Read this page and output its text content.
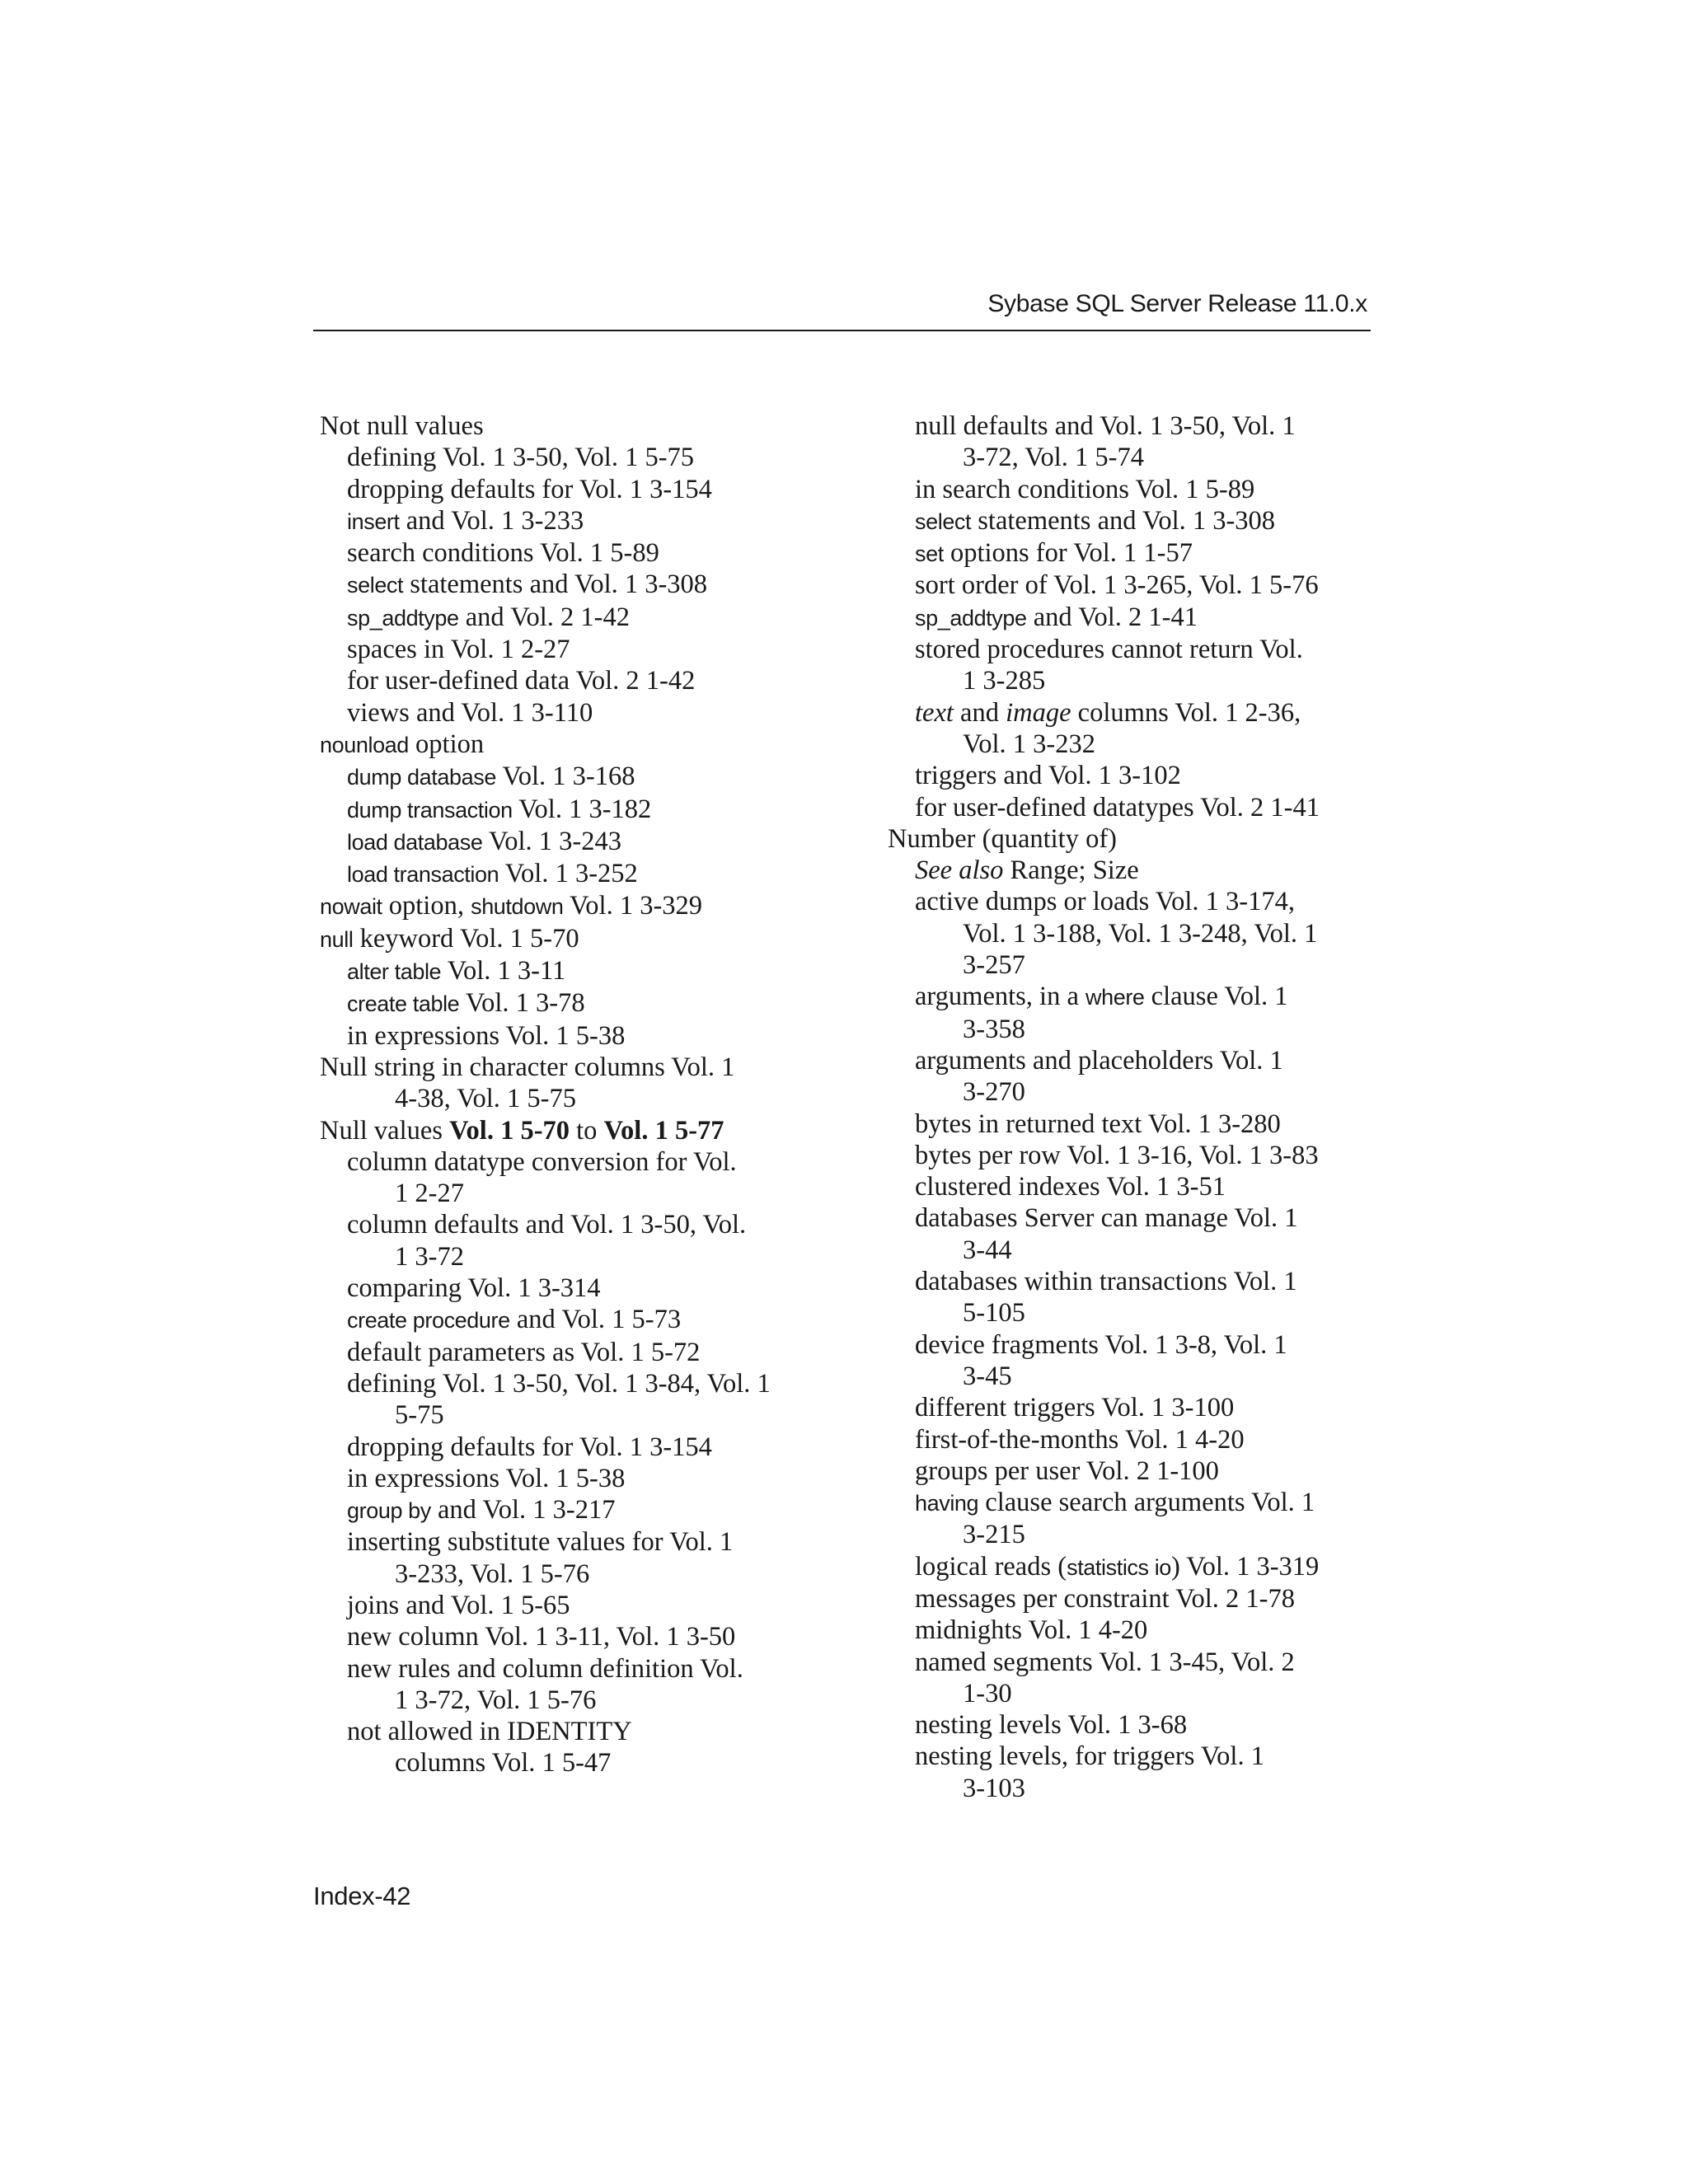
Sybase SQL Server Release 11.0.x
Not null values
defining Vol. 1 3-50, Vol. 1 5-75
dropping defaults for Vol. 1 3-154
insert and Vol. 1 3-233
search conditions Vol. 1 5-89
select statements and Vol. 1 3-308
sp_addtype and Vol. 2 1-42
spaces in Vol. 1 2-27
for user-defined data Vol. 2 1-42
views and Vol. 1 3-110
nounload option
dump database Vol. 1 3-168
dump transaction Vol. 1 3-182
load database Vol. 1 3-243
load transaction Vol. 1 3-252
nowait option, shutdown Vol. 1 3-329
null keyword Vol. 1 5-70
alter table Vol. 1 3-11
create table Vol. 1 3-78
in expressions Vol. 1 5-38
Null string in character columns Vol. 1
4-38, Vol. 1 5-75
Null values Vol. 1 5-70 to Vol. 1 5-77
column datatype conversion for Vol.
1 2-27
column defaults and Vol. 1 3-50, Vol.
1 3-72
comparing Vol. 1 3-314
create procedure and Vol. 1 5-73
default parameters as Vol. 1 5-72
defining Vol. 1 3-50, Vol. 1 3-84, Vol. 1
5-75
dropping defaults for Vol. 1 3-154
in expressions Vol. 1 5-38
group by and Vol. 1 3-217
inserting substitute values for Vol. 1
3-233, Vol. 1 5-76
joins and Vol. 1 5-65
new column Vol. 1 3-11, Vol. 1 3-50
new rules and column definition Vol.
1 3-72, Vol. 1 5-76
not allowed in IDENTITY
columns Vol. 1 5-47
null defaults and Vol. 1 3-50, Vol. 1
3-72, Vol. 1 5-74
in search conditions Vol. 1 5-89
select statements and Vol. 1 3-308
set options for Vol. 1 1-57
sort order of Vol. 1 3-265, Vol. 1 5-76
sp_addtype and Vol. 2 1-41
stored procedures cannot return Vol.
1 3-285
text and image columns Vol. 1 2-36,
Vol. 1 3-232
triggers and Vol. 1 3-102
for user-defined datatypes Vol. 2 1-41
Number (quantity of)
See also Range; Size
active dumps or loads Vol. 1 3-174,
Vol. 1 3-188, Vol. 1 3-248, Vol. 1
3-257
arguments, in a where clause Vol. 1
3-358
arguments and placeholders Vol. 1
3-270
bytes in returned text Vol. 1 3-280
bytes per row Vol. 1 3-16, Vol. 1 3-83
clustered indexes Vol. 1 3-51
databases Server can manage Vol. 1
3-44
databases within transactions Vol. 1
5-105
device fragments Vol. 1 3-8, Vol. 1
3-45
different triggers Vol. 1 3-100
first-of-the-months Vol. 1 4-20
groups per user Vol. 2 1-100
having clause search arguments Vol. 1
3-215
logical reads (statistics io) Vol. 1 3-319
messages per constraint Vol. 2 1-78
midnights Vol. 1 4-20
named segments Vol. 1 3-45, Vol. 2
1-30
nesting levels Vol. 1 3-68
nesting levels, for triggers Vol. 1
3-103
Index-42
